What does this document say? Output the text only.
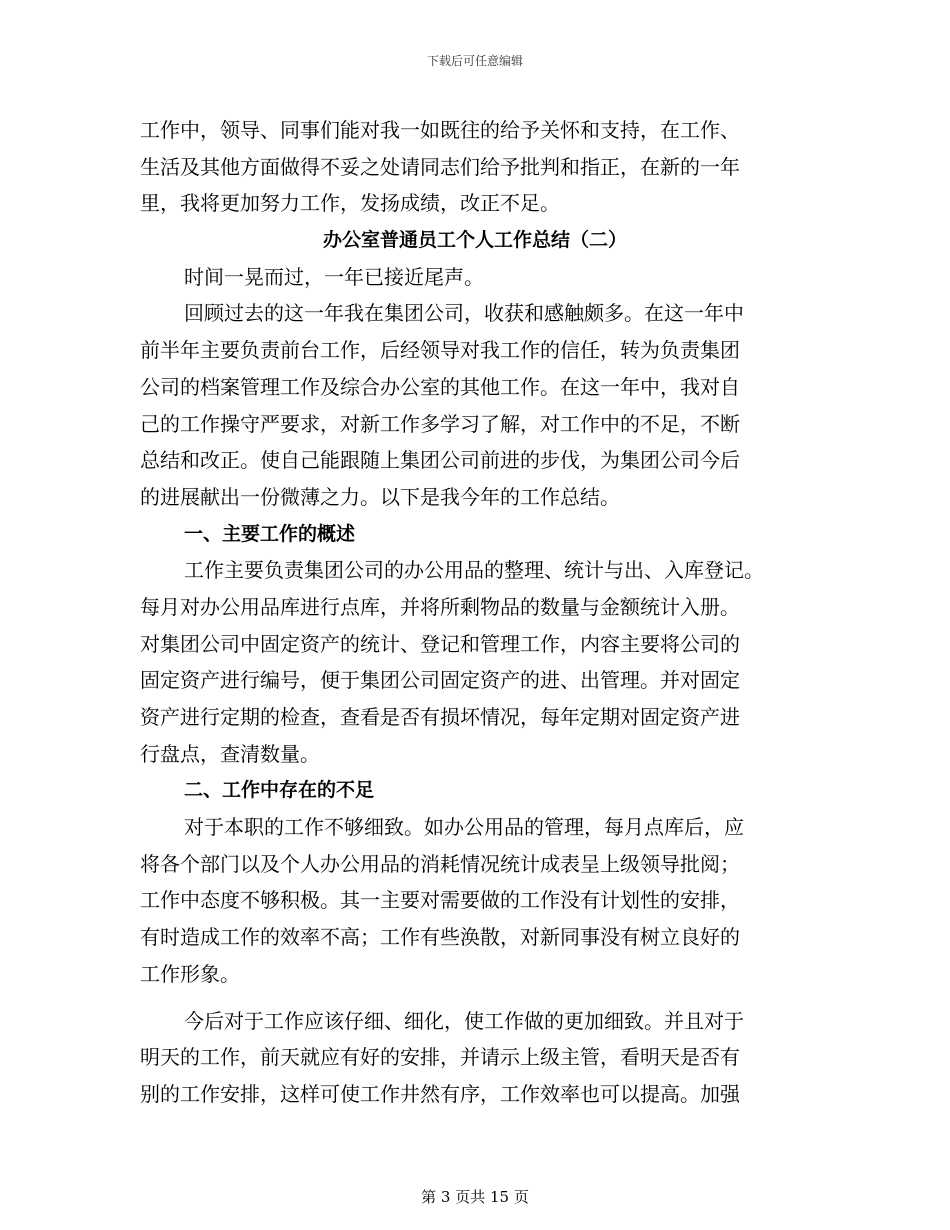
下载后可任意编辑
工作中，领导、同事们能对我一如既往的给予关怀和支持，在工作、
生活及其他方面做得不妥之处请同志们给予批判和指正，在新的一年
里，我将更加努力工作，发扬成绩，改正不足。
办公室普通员工个人工作总结（二）
时间一晃而过，一年已接近尾声。
回顾过去的这一年我在集团公司，收获和感触颇多。在这一年中
前半年主要负责前台工作，后经领导对我工作的信任，转为负责集团
公司的档案管理工作及综合办公室的其他工作。在这一年中，我对自
己的工作操守严要求，对新工作多学习了解，对工作中的不足，不断
总结和改正。使自己能跟随上集团公司前进的步伐，为集团公司今后
的进展献出一份微薄之力。以下是我今年的工作总结。
一、主要工作的概述
工作主要负责集团公司的办公用品的整理、统计与出、入库登记。
每月对办公用品库进行点库，并将所剩物品的数量与金额统计入册。
对集团公司中固定资产的统计、登记和管理工作，内容主要将公司的
固定资产进行编号，便于集团公司固定资产的进、出管理。并对固定
资产进行定期的检查，查看是否有损坏情况，每年定期对固定资产进
行盘点，查清数量。
二、工作中存在的不足
对于本职的工作不够细致。如办公用品的管理，每月点库后，应
将各个部门以及个人办公用品的消耗情况统计成表呈上级领导批阅；
工作中态度不够积极。其一主要对需要做的工作没有计划性的安排，
有时造成工作的效率不高；工作有些涣散，对新同事没有树立良好的
工作形象。
今后对于工作应该仔细、细化，使工作做的更加细致。并且对于
明天的工作，前天就应有好的安排，并请示上级主管，看明天是否有
别的工作安排，这样可使工作井然有序，工作效率也可以提高。加强
第 3 页共 15 页
